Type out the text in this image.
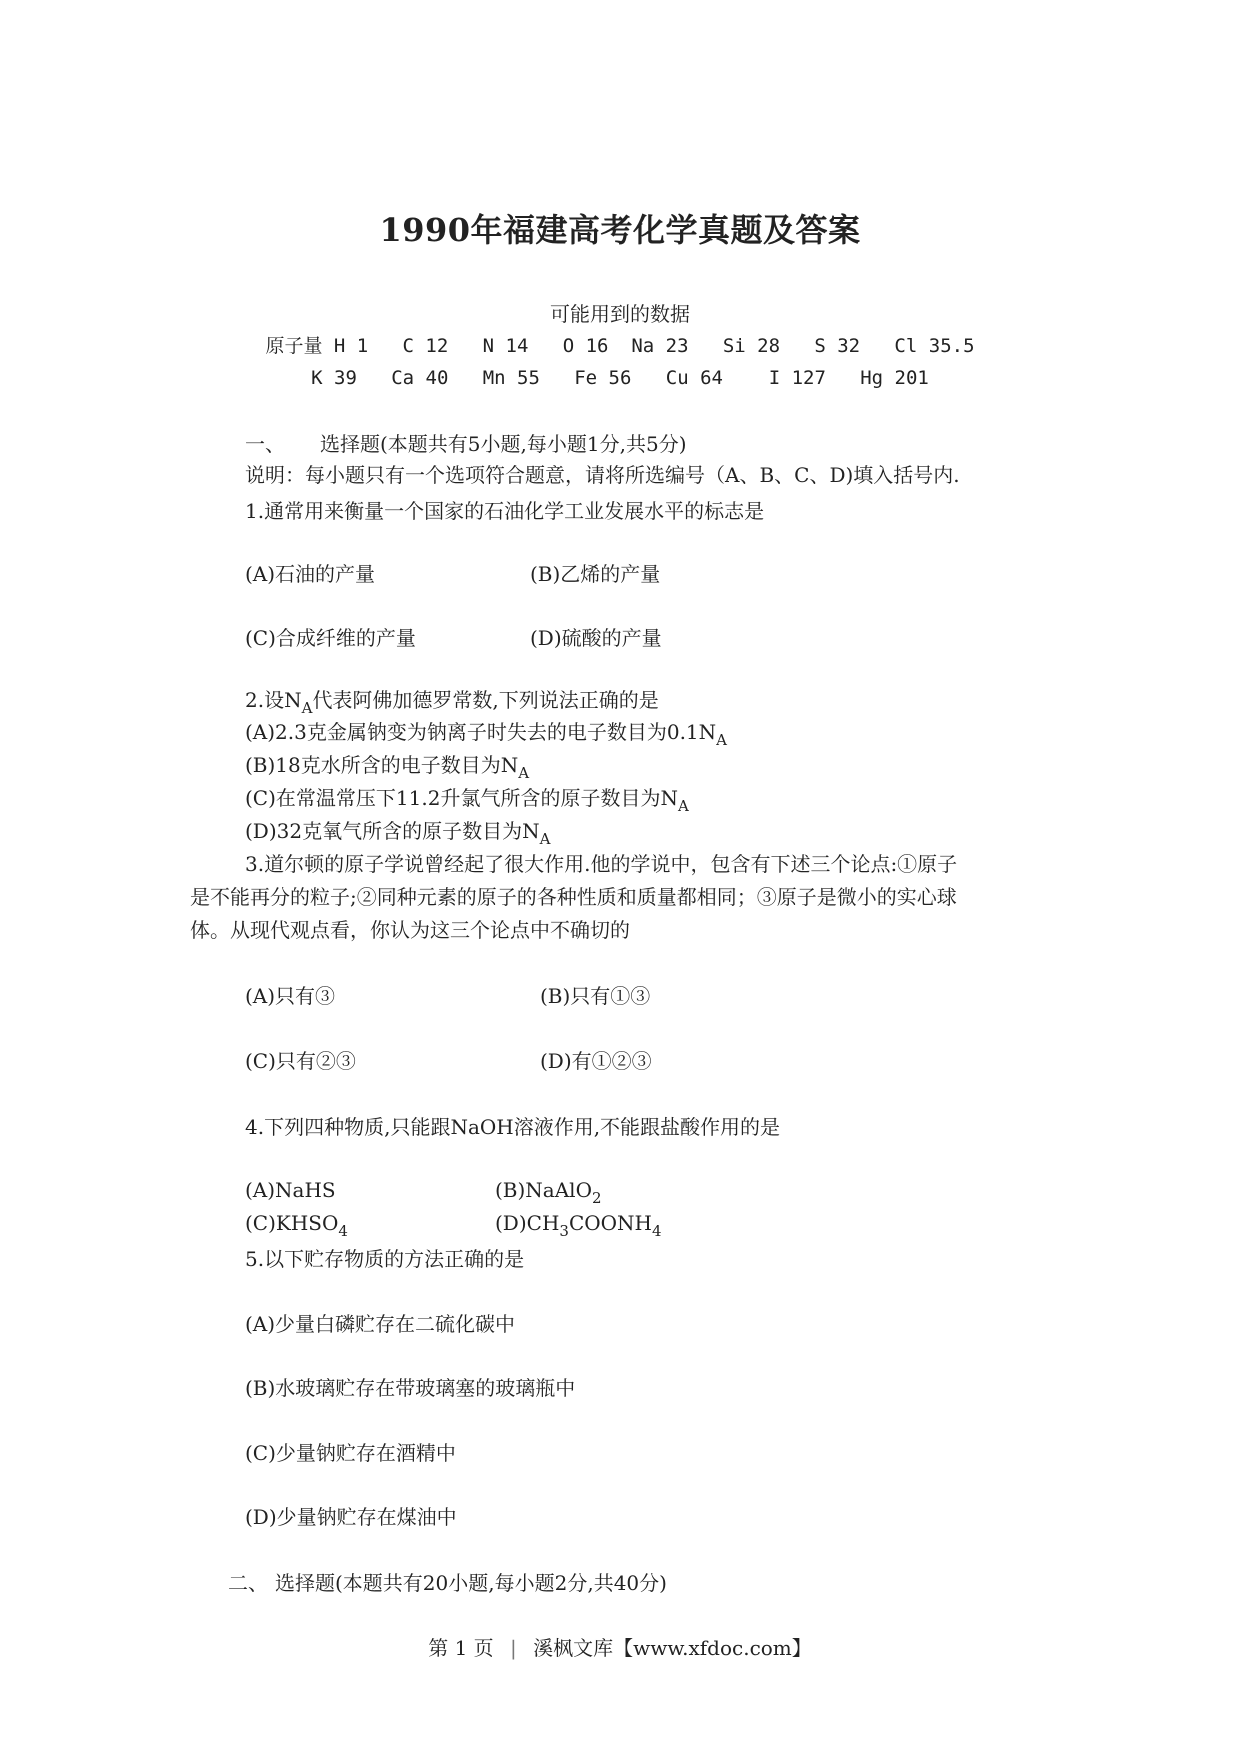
1990年福建高考化学真题及答案
可能用到的数据
原子量 H 1   C 12   N 14   O 16  Na 23   Si 28   S 32   Cl 35.5
K 39   Ca 40   Mn 55   Fe 56   Cu 64    I 127   Hg 201
一、 选择题(本题共有5小题,每小题1分,共5分)
说明：每小题只有一个选项符合题意，请将所选编号（A、B、C、D)填入括号内.
1.通常用来衡量一个国家的石油化学工业发展水平的标志是
(A)石油的产量	(B)乙烯的产量
(C)合成纤维的产量	(D)硫酸的产量
2.设$N_A$代表阿佛加德罗常数,下列说法正确的是
(A)2.3克金属钠变为钠离子时失去的电子数目为$0.1N_A$
(B)18克水所含的电子数目为$N_A$
(C)在常温常压下11.2升氯气所含的原子数目为$N_A$
(D)32克氧气所含的原子数目为$N_A$
3.道尔顿的原子学说曾经起了很大作用.他的学说中，包含有下述三个论点:①原子
是不能再分的粒子;②同种元素的原子的各种性质和质量都相同；③原子是微小的实心球
体。从现代观点看，你认为这三个论点中不确切的
(A)只有③	(B)只有①③
(C)只有②③	(D)有①②③
4.下列四种物质,只能跟NaOH溶液作用,不能跟盐酸作用的是
(A)NaHS	(B)NaAlO$_2$
$(C)KHSO_4$	$(D)CH_3COONH_4$
5.以下贮存物质的方法正确的是
(A)少量白磷贮存在二硫化碳中
(B)水玻璃贮存在带玻璃塞的玻璃瓶中
(C)少量钠贮存在酒精中
(D)少量钠贮存在煤油中
二、 选择题(本题共有20小题,每小题2分,共40分)
第 1 页 | 溪枫文库【www.xfdoc.com】
